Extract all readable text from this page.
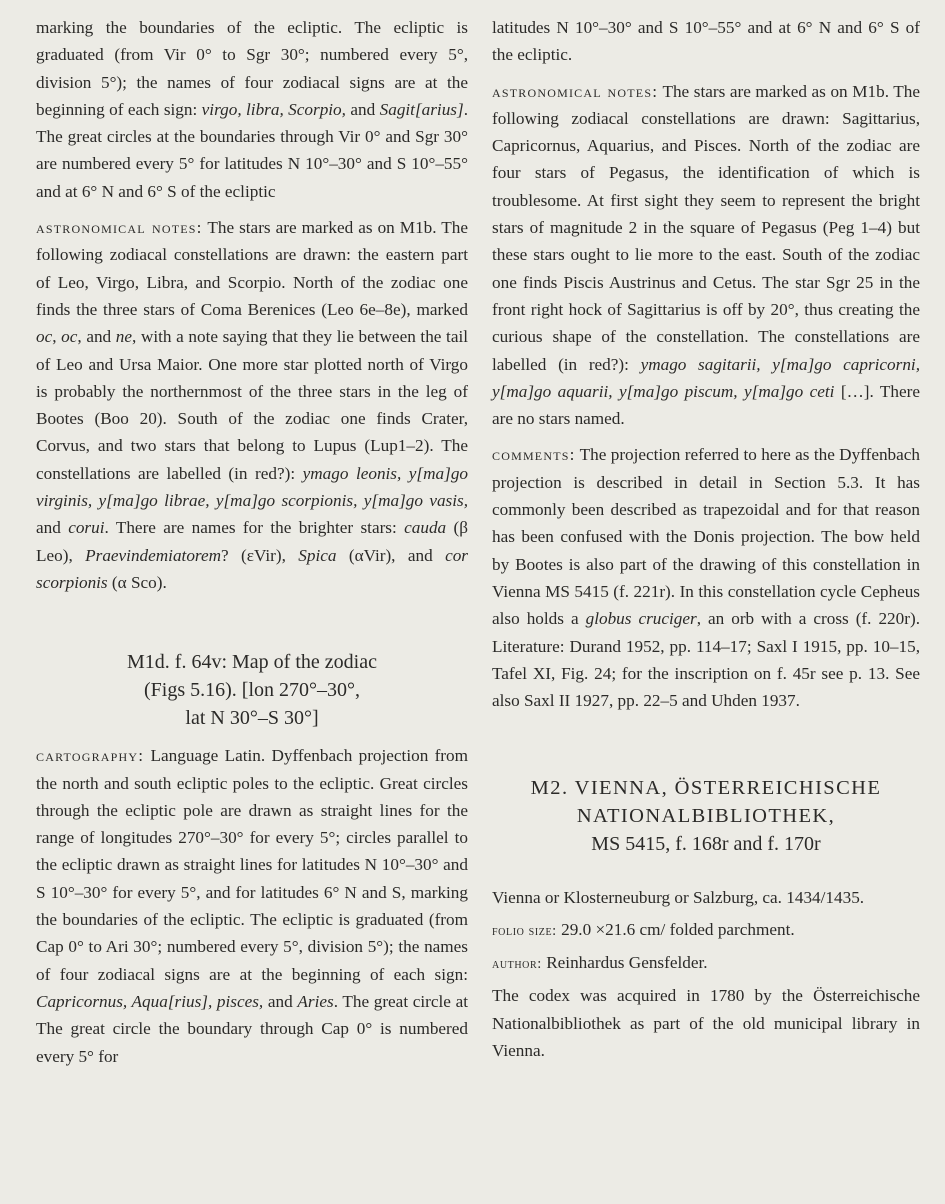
marking the boundaries of the ecliptic. The ecliptic is graduated (from Vir 0° to Sgr 30°; numbered every 5°, division 5°); the names of four zodiacal signs are at the beginning of each sign: virgo, libra, Scorpio, and Sagit[arius]. The great circles at the boundaries through Vir 0° and Sgr 30° are numbered every 5° for latitudes N 10°–30° and S 10°–55° and at 6° N and 6° S of the ecliptic

astronomical notes: The stars are marked as on M1b. The following zodiacal constellations are drawn: the eastern part of Leo, Virgo, Libra, and Scorpio. North of the zodiac one finds the three stars of Coma Berenices (Leo 6e–8e), marked oc, oc, and ne, with a note saying that they lie between the tail of Leo and Ursa Maior. One more star plotted north of Virgo is probably the northernmost of the three stars in the leg of Bootes (Boo 20). South of the zodiac one finds Crater, Corvus, and two stars that belong to Lupus (Lup1–2). The constellations are labelled (in red?): ymago leonis, y[ma]go virginis, y[ma]go librae, y[ma]go scorpionis, y[ma]go vasis, and corui. There are names for the brighter stars: cauda (β Leo), Praevindemiatorem? (εVir), Spica (αVir), and cor scorpionis (α Sco).

M1d. f. 64v: Map of the zodiac
(Figs 5.16). [lon 270°–30°,
lat N 30°–S 30°]

cartography: Language Latin. Dyffenbach projection from the north and south ecliptic poles to the ecliptic. Great circles through the ecliptic pole are drawn as straight lines for the range of longitudes 270°–30° for every 5°; circles parallel to the ecliptic drawn as straight lines for latitudes N 10°–30° and S 10°–30° for every 5°, and for latitudes 6° N and S, marking the boundaries of the ecliptic. The ecliptic is graduated (from Cap 0° to Ari 30°; numbered every 5°, division 5°); the names of four zodiacal signs are at the beginning of each sign: Capricornus, Aqua[rius], pisces, and Aries. The great circle at The great circle the boundary through Cap 0° is numbered every 5° for

latitudes N 10°–30° and S 10°–55° and at 6° N and 6° S of the ecliptic.

astronomical notes: The stars are marked as on M1b. The following zodiacal constellations are drawn: Sagittarius, Capricornus, Aquarius, and Pisces. North of the zodiac are four stars of Pegasus, the identification of which is troublesome. At first sight they seem to represent the bright stars of magnitude 2 in the square of Pegasus (Peg 1–4) but these stars ought to lie more to the east. South of the zodiac one finds Piscis Austrinus and Cetus. The star Sgr 25 in the front right hock of Sagittarius is off by 20°, thus creating the curious shape of the constellation. The constellations are labelled (in red?): ymago sagitarii, y[ma]go capricorni, y[ma]go aquarii, y[ma]go piscum, y[ma]go ceti […]. There are no stars named.

comments: The projection referred to here as the Dyffenbach projection is described in detail in Section 5.3. It has commonly been described as trapezoidal and for that reason has been confused with the Donis projection. The bow held by Bootes is also part of the drawing of this constellation in Vienna MS 5415 (f. 221r). In this constellation cycle Cepheus also holds a globus cruciger, an orb with a cross (f. 220r). Literature: Durand 1952, pp. 114–17; Saxl I 1915, pp. 10–15, Tafel XI, Fig. 24; for the inscription on f. 45r see p. 13. See also Saxl II 1927, pp. 22–5 and Uhden 1937.

M2. VIENNA, ÖSTERREICHISCHE
NATIONALBIBLIOTHEK,
MS 5415, f. 168r and f. 170r

Vienna or Klosterneuburg or Salzburg, ca. 1434/1435.

folio size: 29.0 ×21.6 cm/ folded parchment.

author: Reinhardus Gensfelder.

The codex was acquired in 1780 by the Österreichische Nationalbibliothek as part of the old municipal library in Vienna.
